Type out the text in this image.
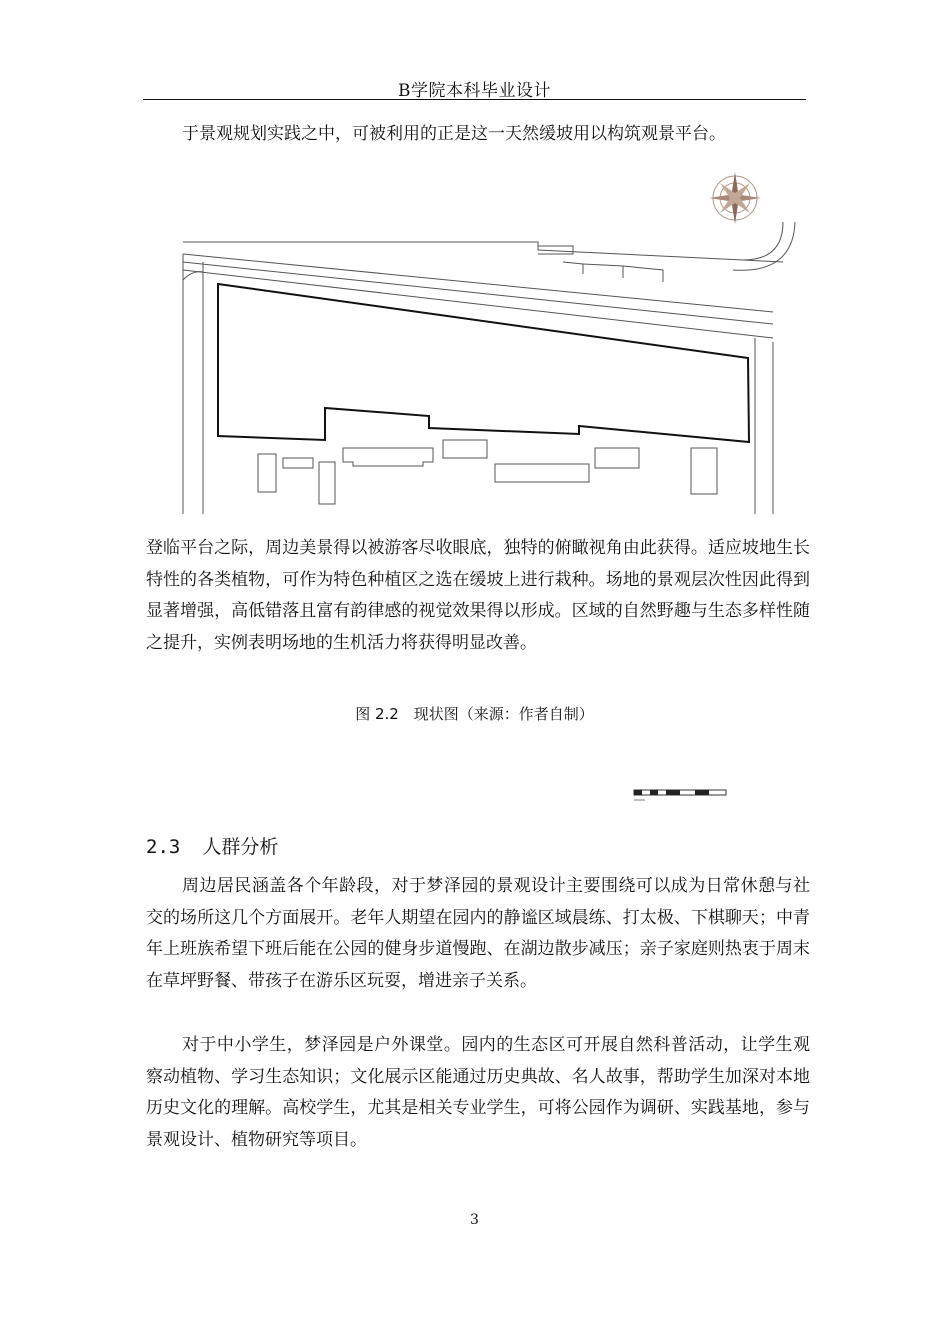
B学院本科毕业设计

于景观规划实践之中，可被利用的正是这一天然缓坡用以构筑观景平台。

登临平台之际，周边美景得以被游客尽收眼底，独特的俯瞰视角由此获得。适应坡地生长特性的各类植物，可作为特色种植区之选在缓坡上进行栽种。场地的景观层次性因此得到显著增强，高低错落且富有韵律感的视觉效果得以形成。区域的自然野趣与生态多样性随之提升，实例表明场地的生机活力将获得明显改善。

图 2.2　现状图（来源：作者自制）
2.3 人群分析

周边居民涵盖各个年龄段，对于梦泽园的景观设计主要围绕可以成为日常休憩与社交的场所这几个方面展开。老年人期望在园内的静谧区域晨练、打太极、下棋聊天；中青年上班族希望下班后能在公园的健身步道慢跑、在湖边散步减压；亲子家庭则热衷于周末在草坪野餐、带孩子在游乐区玩耍，增进亲子关系。

对于中小学生，梦泽园是户外课堂。园内的生态区可开展自然科普活动，让学生观察动植物、学习生态知识；文化展示区能通过历史典故、名人故事，帮助学生加深对本地历史文化的理解。高校学生，尤其是相关专业学生，可将公园作为调研、实践基地，参与景观设计、植物研究等项目。

3
